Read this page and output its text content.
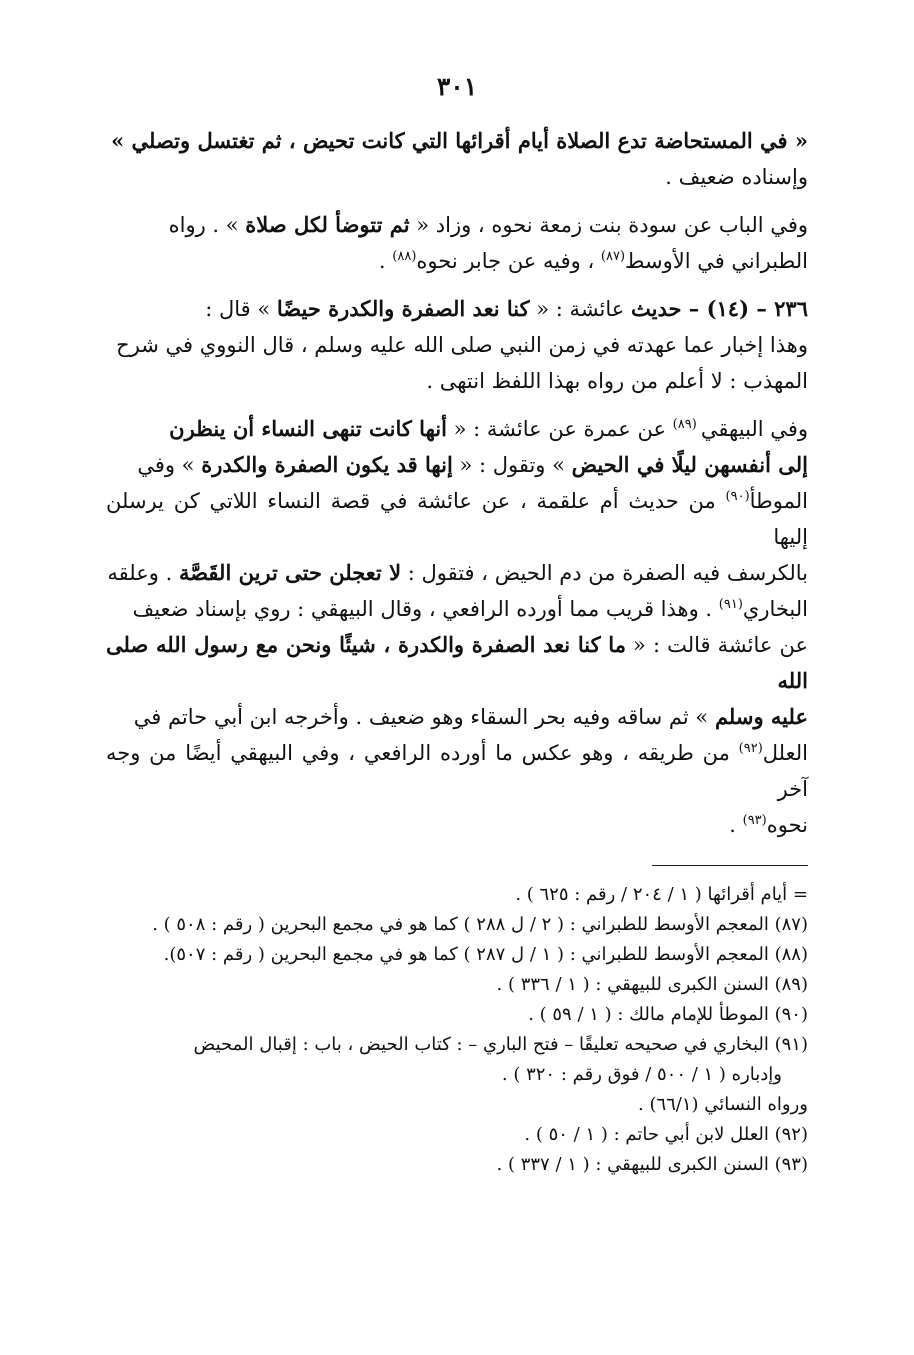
٣٠١
« في المستحاضة تدع الصلاة أيام أقرائها التي كانت تحيض ، ثم تغتسل وتصلي »
وإسناده ضعيف .
وفي الباب عن سودة بنت زمعة نحوه ، وزاد « ثم تتوضأ لكل صلاة » . رواه
الطبراني في الأوسط$^{(٨٧)}$ ، وفيه عن جابر نحوه$^{(٨٨)}$ .
٢٣٦ – (١٤) – حديث عائشة : « كنا نعد الصفرة والكدرة حيضًا » قال :
وهذا إخبار عما عهدته في زمن النبي صلى الله عليه وسلم ، قال النووي في شرح
المهذب : لا أعلم من رواه بهذا اللفظ انتهى .
وفي البيهقي $^{(٨٩)}$ عن عمرة عن عائشة : « أنها كانت تنهى النساء أن ينظرن
إلى أنفسهن ليلًا في الحيض » وتقول : « إنها قد يكون الصفرة والكدرة » وفي
الموطأ$^{(٩٠)}$ من حديث أم علقمة ، عن عائشة في قصة النساء اللاتي كن يرسلن إليها
بالكرسف فيه الصفرة من دم الحيض ، فتقول : لا تعجلن حتى ترين القَصَّة . وعلقه
البخاري$^{(٩١)}$ . وهذا قريب مما أورده الرافعي ، وقال البيهقي : روي بإسناد ضعيف
عن عائشة قالت : « ما كنا نعد الصفرة والكدرة ، شيئًا ونحن مع رسول الله صلى الله
عليه وسلم » ثم ساقه وفيه بحر السقاء وهو ضعيف . وأخرجه ابن أبي حاتم في
العلل$^{(٩٢)}$ من طريقه ، وهو عكس ما أورده الرافعي ، وفي البيهقي أيضًا من وجه آخر
نحوه$^{(٩٣)}$ .
= أيام أقرائها ( ١ / ٢٠٤ / رقم : ٦٢٥ ) .
(٨٧) المعجم الأوسط للطبراني : ( ٢ / ل ٢٨٨ ) كما هو في مجمع البحرين ( رقم : ٥٠٨ ) .
(٨٨) المعجم الأوسط للطبراني : ( ١ / ل ٢٨٧ ) كما هو في مجمع البحرين ( رقم : ٥٠٧).
(٨٩) السنن الكبرى للبيهقي : ( ١ / ٣٣٦ ) .
(٩٠) الموطأ للإمام مالك : ( ١ / ٥٩ ) .
(٩١) البخاري في صحيحه تعليقًا – فتح الباري – : كتاب الحيض ، باب : إقبال المحيض
وإدباره ( ١ / ٥٠٠ / فوق رقم : ٣٢٠ ) .
ورواه النسائي (٦٦/١) .
(٩٢) العلل لابن أبي حاتم : ( ١ / ٥٠ ) .
(٩٣) السنن الكبرى للبيهقي : ( ١ / ٣٣٧ ) .
